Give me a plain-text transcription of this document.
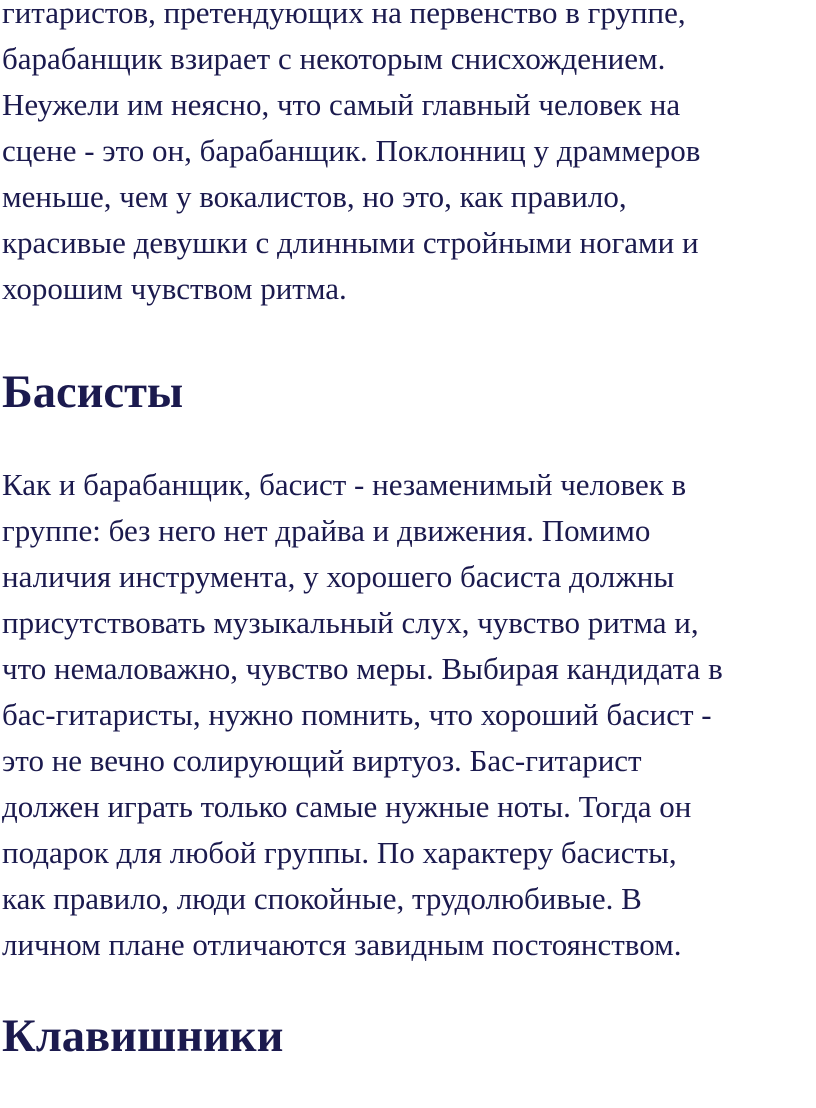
гитаристов, претендующих на первенство в группе,
барабанщик взирает с некоторым снисхождением.
Неужели им неясно, что самый главный человек на
сцене - это он, барабанщик. Поклонниц у драммеров
меньше, чем у вокалистов, но это, как правило,
красивые девушки с длинными стройными ногами и
хорошим чувством ритма.

Басисты

Как и барабанщик, басист - незаменимый человек в
группе: без него нет драйва и движения. Помимо
наличия инструмента, у хорошего басиста должны
присутствовать музыкальный слух, чувство ритма и,
что немаловажно, чувство меры. Выбирая кандидата в
бас-гитаристы, нужно помнить, что хороший басист -
это не вечно солирующий виртуоз. Бас-гитарист
должен играть только самые нужные ноты. Тогда он
подарок для любой группы. По характеру басисты,
как правило, люди спокойные, трудолюбивые. В
личном плане отличаются завидным постоянством.

Клавишники
